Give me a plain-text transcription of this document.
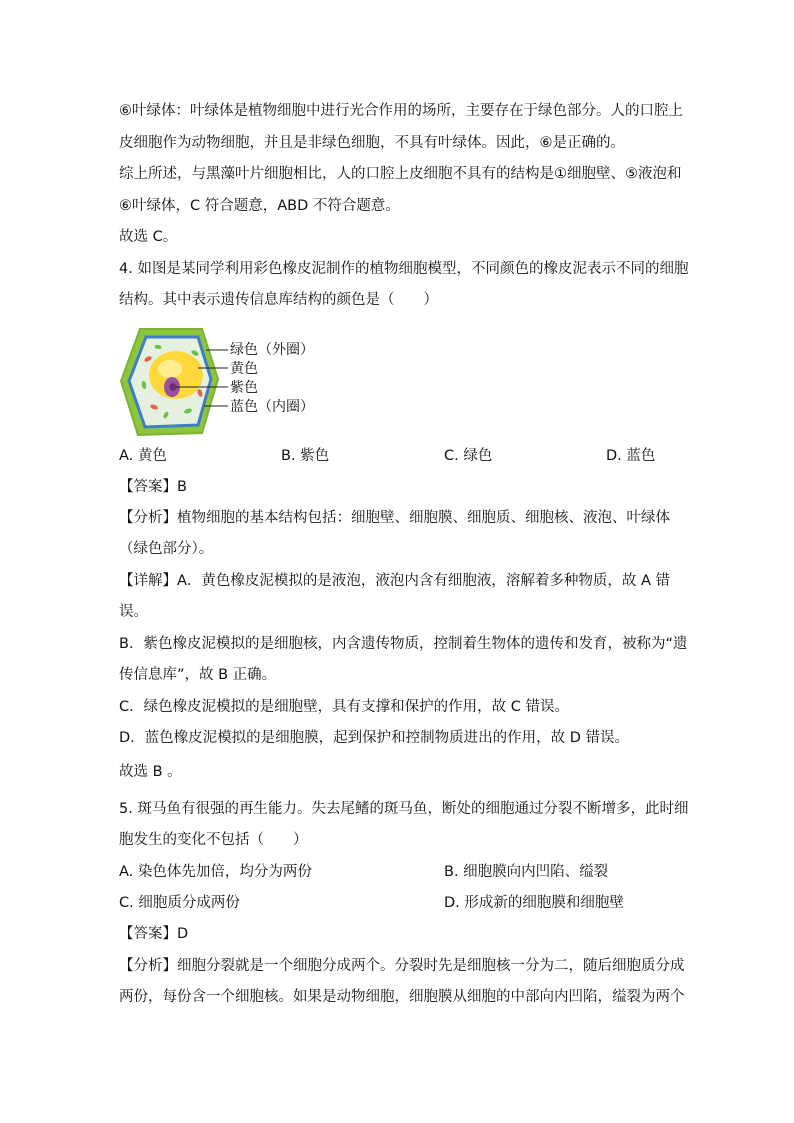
⑥叶绿体：叶绿体是植物细胞中进行光合作用的场所，主要存在于绿色部分。人的口腔上
皮细胞作为动物细胞，并且是非绿色细胞，不具有叶绿体。因此，⑥是正确的。
综上所述，与黑藻叶片细胞相比，人的口腔上皮细胞不具有的结构是①细胞壁、⑤液泡和
⑥叶绿体，C 符合题意，ABD 不符合题意。
故选 C。
4. 如图是某同学利用彩色橡皮泥制作的植物细胞模型，不同颜色的橡皮泥表示不同的细胞
结构。其中表示遗传信息库结构的颜色是（　　）
绿色（外圈）
黄色
紫色
蓝色（内圈）
A. 黄色	B. 紫色	C. 绿色	D. 蓝色
【答案】B
【分析】植物细胞的基本结构包括：细胞壁、细胞膜、细胞质、细胞核、液泡、叶绿体
（绿色部分）。
【详解】A．黄色橡皮泥模拟的是液泡，液泡内含有细胞液，溶解着多种物质，故 A 错
误。
B．紫色橡皮泥模拟的是细胞核，内含遗传物质，控制着生物体的遗传和发育，被称为“遗
传信息库”，故 B 正确。
C．绿色橡皮泥模拟的是细胞壁，具有支撑和保护的作用，故 C 错误。
D．蓝色橡皮泥模拟的是细胞膜，起到保护和控制物质进出的作用，故 D 错误。
故选 B 。
5. 斑马鱼有很强的再生能力。失去尾鳍的斑马鱼，断处的细胞通过分裂不断增多，此时细
胞发生的变化不包括（　　）
A. 染色体先加倍，均分为两份	B. 细胞膜向内凹陷、缢裂
C. 细胞质分成两份	D. 形成新的细胞膜和细胞壁
【答案】D
【分析】细胞分裂就是一个细胞分成两个。分裂时先是细胞核一分为二，随后细胞质分成
两份，每份含一个细胞核。如果是动物细胞，细胞膜从细胞的中部向内凹陷，缢裂为两个
